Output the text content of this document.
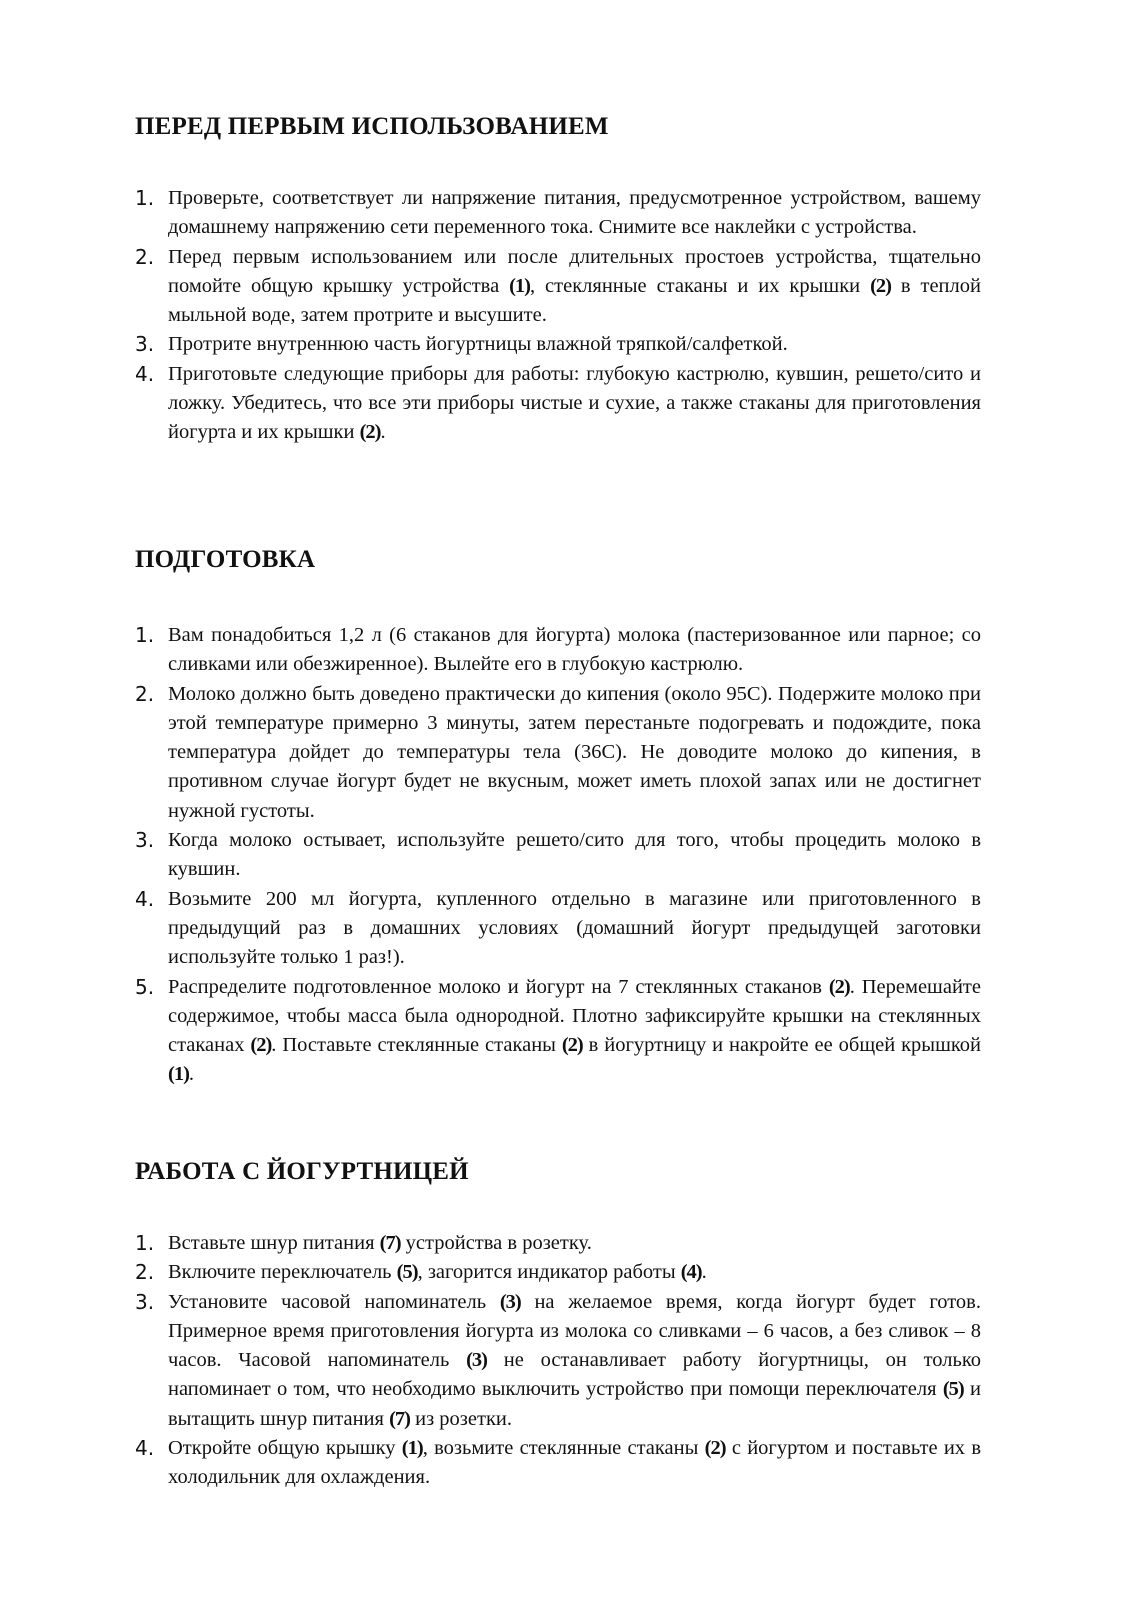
ПЕРЕД ПЕРВЫМ ИСПОЛЬЗОВАНИЕМ
1. Проверьте, соответствует ли напряжение питания, предусмотренное устройством, вашему домашнему напряжению сети переменного тока. Снимите все наклейки с устройства.
2. Перед первым использованием или после длительных простоев устройства, тщательно помойте общую крышку устройства (1), стеклянные стаканы и их крышки (2) в теплой мыльной воде, затем протрите и высушите.
3. Протрите внутреннюю часть йогуртницы влажной тряпкой/салфеткой.
4. Приготовьте следующие приборы для работы: глубокую кастрюлю, кувшин, решето/сито и ложку. Убедитесь, что все эти приборы чистые и сухие, а также стаканы для приготовления йогурта и их крышки (2).
ПОДГОТОВКА
1. Вам понадобиться 1,2 л (6 стаканов для йогурта) молока (пастеризованное или парное; со сливками или обезжиренное). Вылейте его в глубокую кастрюлю.
2. Молоко должно быть доведено практически до кипения (около 95С). Подержите молоко при этой температуре примерно 3 минуты, затем перестаньте подогревать и подождите, пока температура дойдет до температуры тела (36С). Не доводите молоко до кипения, в противном случае йогурт будет не вкусным, может иметь плохой запах или не достигнет нужной густоты.
3. Когда молоко остывает, используйте решето/сито для того, чтобы процедить молоко в кувшин.
4. Возьмите 200 мл йогурта, купленного отдельно в магазине или приготовленного в предыдущий раз в домашних условиях (домашний йогурт предыдущей заготовки используйте только 1 раз!).
5. Распределите подготовленное молоко и йогурт на 7 стеклянных стаканов (2). Перемешайте содержимое, чтобы масса была однородной. Плотно зафиксируйте крышки на стеклянных стаканах (2). Поставьте стеклянные стаканы (2) в йогуртницу и накройте ее общей крышкой (1).
РАБОТА С ЙОГУРТНИЦЕЙ
1. Вставьте шнур питания (7) устройства в розетку.
2. Включите переключатель (5), загорится индикатор работы (4).
3. Установите часовой напоминатель (3) на желаемое время, когда йогурт будет готов. Примерное время приготовления йогурта из молока со сливками – 6 часов, а без сливок – 8 часов. Часовой напоминатель (3) не останавливает работу йогуртницы, он только напоминает о том, что необходимо выключить устройство при помощи переключателя (5) и вытащить шнур питания (7) из розетки.
4. Откройте общую крышку (1), возьмите стеклянные стаканы (2) с йогуртом и поставьте их в холодильник для охлаждения.
